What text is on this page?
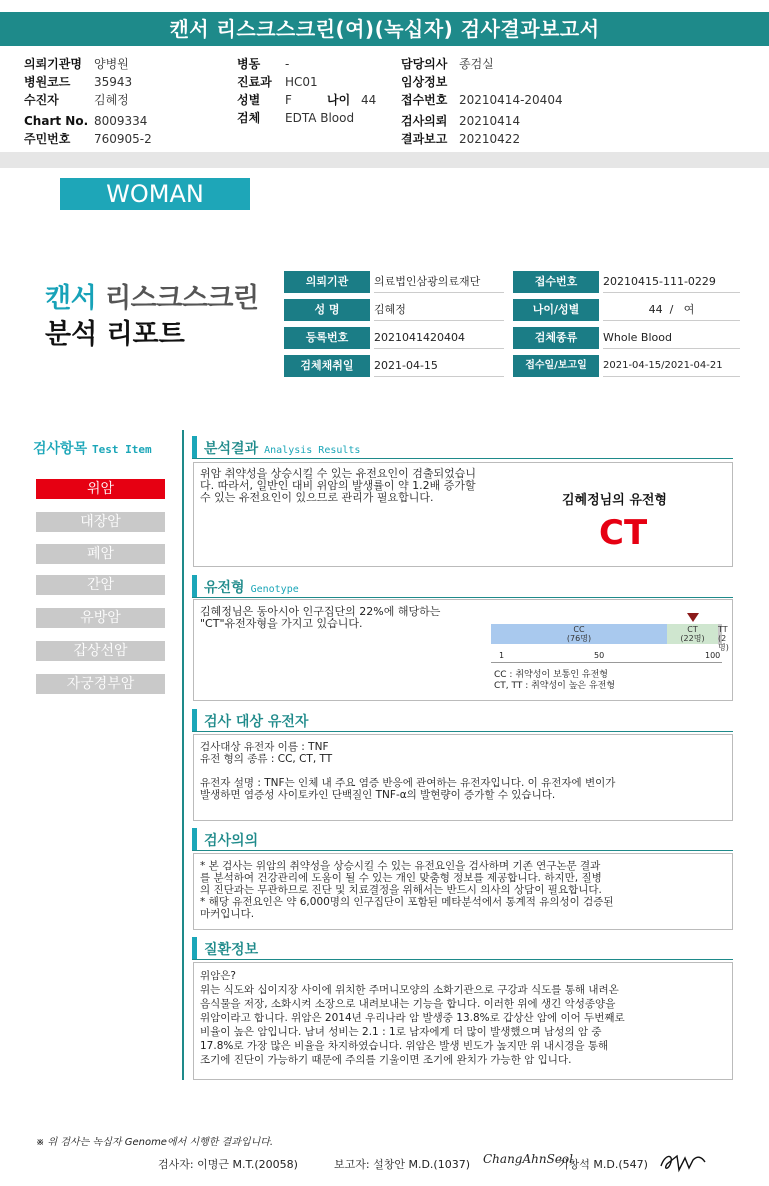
캔서 리스크스크린(여)(녹십자) 검사결과보고서
의뢰기관명 양병원
병원코드 35943
수진자	김혜정
Chart No. 8009334
주민번호 760905-2
병동 -
진료과 HC01
성별 F	나이 44
검체 EDTA Blood
담당의사 종검실
임상정보
접수번호 20210414-20404
검사의뢰 20210414
결과보고 20210422
WOMAN
캔서 리스크스크린
분석 리포트
의뢰기관	의료법인삼광의료재단	접수번호	20210415-111-0229
성 명	김혜정	나이/성별	44  /   여
등록번호	2021041420404	검체종류	Whole Blood
검체채취일	2021-04-15	접수일/보고일	2021-04-15/2021-04-21
검사항목 Test Item
위암
대장암
폐암
간암
유방암
갑상선암
자궁경부암
분석결과 Analysis Results
위암 취약성을 상승시킬 수 있는 유전요인이 검출되었습니
다. 따라서, 일반인 대비 위암의 발생률이 약 1.2배 증가할
수 있는 유전요인이 있으므로 관리가 필요합니다.	김혜정님의 유전형
CT
유전형 Genotype
김혜정님은 동아시아 인구집단의 22%에 해당하는
"CT"유전자형을 가지고 있습니다.	CC
(76명)
CT
(22명)
TT
(2명)
1	50	100
CC : 취약성이 보통인 유전형
CT, TT : 취약성이 높은 유전형
검사 대상 유전자
검사대상 유전자 이름 : TNF
유전 형의 종류 : CC, CT, TT

유전자 설명 : TNF는 인체 내 주요 염증 반응에 관여하는 유전자입니다. 이 유전자에 변이가
발생하면 염증성 사이토카인 단백질인 TNF-α의 발현량이 증가할 수 있습니다.
검사의의
* 본 검사는 위암의 취약성을 상승시킬 수 있는 유전요인을 검사하며 기존 연구논문 결과
를 분석하여 건강관리에 도움이 될 수 있는 개인 맞춤형 정보를 제공합니다. 하지만, 질병
의 진단과는 무관하므로 진단 및 치료결정을 위해서는 반드시 의사의 상담이 필요합니다.
* 해당 유전요인은 약 6,000명의 인구집단이 포함된 메타분석에서 통계적 유의성이 검증된
마커입니다.
질환정보
위암은?
위는 식도와 십이지장 사이에 위치한 주머니모양의 소화기관으로 구강과 식도를 통해 내려온
음식물을 저장, 소화시켜 소장으로 내려보내는 기능을 합니다. 이러한 위에 생긴 악성종양을
위암이라고 합니다. 위암은 2014년 우리나라 암 발생중 13.8%로 갑상산 암에 이어 두번째로
비율이 높은 암입니다. 남녀 성비는 2.1 : 1로 남자에게 더 많이 발생했으며 남성의 암 중
17.8%로 가장 많은 비율을 차지하였습니다. 위암은 발생 빈도가 높지만 위 내시경을 통해
조기에 진단이 가능하기 때문에 주의를 기울이면 조기에 완치가 가능한 암 입니다.
※ 위 검사는 녹십자 Genome에서 시행한 결과입니다.
검사자: 이명근 M.T.(20058)	보고자: 설창안 M.D.(1037) ChangAhnSeol
기창석 M.D.(547)
